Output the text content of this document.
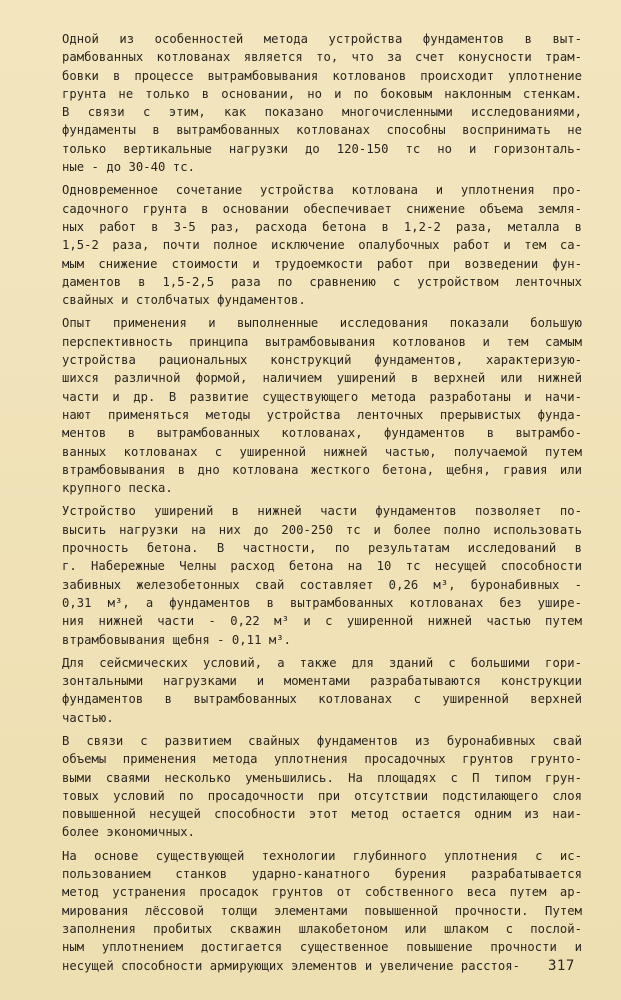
Одной из особенностей метода устройства фундаментов в выт-
рамбованных котлованах является то, что за счет конусности трам-
бовки в процессе вытрамбовывания котлованов происходит уплотнение
грунта не только в основании, но и по боковым наклонным стенкам.
В связи с этим, как показано многочисленными исследованиями,
фундаменты в вытрамбованных котлованах способны воспринимать не
только вертикальные нагрузки до 120-150 тс но и горизонталь-
ные - до 30-40 тс.
Одновременное сочетание устройства котлована и уплотнения про-
садочного грунта в основании обеспечивает снижение объема земля-
ных работ в 3-5 раз, расхода бетона в 1,2-2 раза, металла в
1,5-2 раза, почти полное исключение опалубочных работ и тем са-
мым снижение стоимости и трудоемкости работ при возведении фун-
даментов в 1,5-2,5 раза по сравнению с устройством ленточных
свайных и столбчатых фундаментов.
Опыт применения и выполненные исследования показали большую
перспективность принципа вытрамбовывания котлованов и тем самым
устройства рациональных конструкций фундаментов, характеризую-
шихся различной формой, наличием уширений в верхней или нижней
части и др. В развитие существующего метода разработаны и начи-
нают применяться методы устройства ленточных прерывистых фунда-
ментов в вытрамбованных котлованах, фундаментов в вытрамбо-
ванных котлованах с уширенной нижней частью, получаемой путем
втрамбовывания в дно котлована жесткого бетона, щебня, гравия или
крупного песка.
Устройство уширений в нижней части фундаментов позволяет по-
высить нагрузки на них до 200-250 тс и более полно использовать
прочность бетона. В частности, по результатам исследований в
г. Набережные Челны расход бетона на 10 тс несущей способности
забивных железобетонных свай составляет 0,26 м³, буронабивных -
0,31 м³, а фундаментов в вытрамбованных котлованах без ушире-
ния нижней части - 0,22 м³ и с уширенной нижней частью путем
втрамбовывания щебня - 0,11 м³.
Для сейсмических условий, а также для зданий с большими гори-
зонтальными нагрузками и моментами разрабатываются конструкции
фундаментов в вытрамбованных котлованах с уширенной верхней
частью.
В связи с развитием свайных фундаментов из буронабивных свай
объемы применения метода уплотнения просадочных грунтов грунто-
выми сваями несколько уменьшились. На площадях с П типом грун-
товых условий по просадочности при отсутствии подстилающего слоя
повышенной несущей способности этот метод остается одним из наи-
более экономичных.
На основе существующей технологии глубинного уплотнения с ис-
пользованием станков ударно-канатного бурения разрабатывается
метод устранения просадок грунтов от собственного веса путем ар-
мирования лёссовой толщи элементами повышенной прочности. Путем
заполнения пробитых скважин шлакобетоном или шлаком с послой-
ным уплотнением достигается существенное повышение прочности и
несущей способности армирующих элементов и увеличение расстоя-	317
